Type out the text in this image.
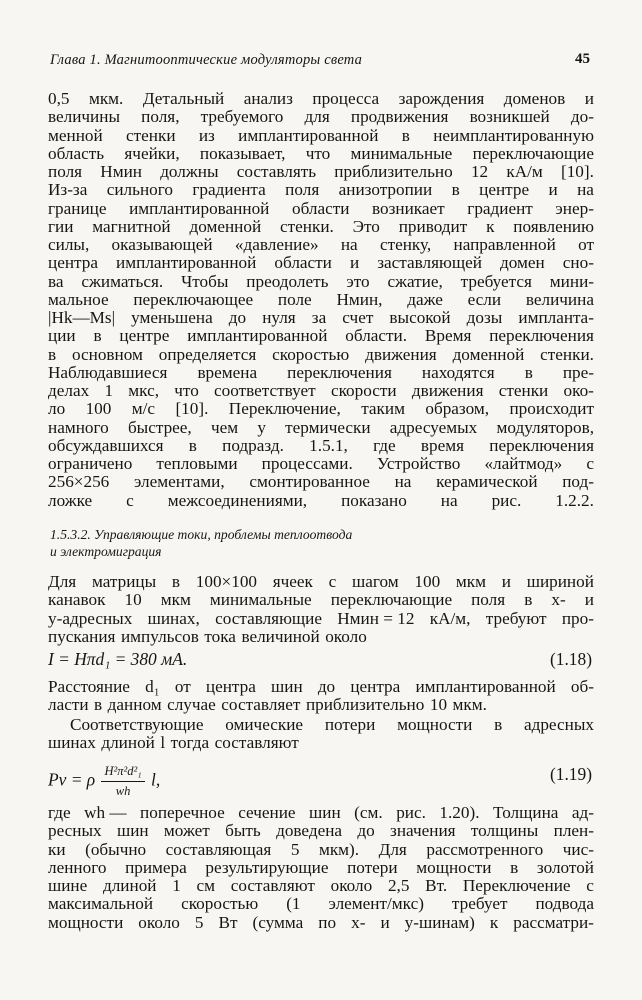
Глава 1. Магнитооптические модуляторы света	45
0,5 мкм. Детальный анализ процесса зарождения доменов и
величины поля, требуемого для продвижения возникшей до-
менной стенки из имплантированной в неимплантированную
область ячейки, показывает, что минимальные переключающие
поля Hмин должны составлять приблизительно 12 кА/м [10].
Из-за сильного градиента поля анизотропии в центре и на
границе имплантированной области возникает градиент энер-
гии магнитной доменной стенки. Это приводит к появлению
силы, оказывающей «давление» на стенку, направленной от
центра имплантированной области и заставляющей домен сно-
ва сжиматься. Чтобы преодолеть это сжатие, требуется мини-
мальное переключающее поле Hмин, даже если величина
|Hk—Ms| уменьшена до нуля за счет высокой дозы имплантa-
ции в центре имплантированной области. Время переключения
в основном определяется скоростью движения доменной стенки.
Наблюдавшиеся времена переключения находятся в пре-
делах 1 мкс, что соответствует скорости движения стенки око-
ло 100 м/с [10]. Переключение, таким образом, происходит
намного быстрее, чем у термически адресуемых модуляторов,
обсуждавшихся в подразд. 1.5.1, где время переключения
ограничено тепловыми процессами. Устройство «лайтмод» с
256×256 элементами, смонтированное на керамической под-
ложке с межсоединениями, показано на рис. 1.2.2.
1.5.3.2. Управляющие токи, проблемы теплоотвода
и электромиграция
Для матрицы в 100×100 ячеек с шагом 100 мкм и шириной
канавок 10 мкм минимальные переключающие поля в x- и
y-адресных шинах, составляющие Hмин = 12 кА/м, требуют про-
пускания импульсов тока величиной около
I = Hπd₁ = 380 мА.	(1.18)
Расстояние d₁ от центра шин до центра имплантированной об-
ласти в данном случае составляет приблизительно 10 мкм.
Соответствующие омические потери мощности в адресных
шинах длиной l тогда составляют
Pv = ρ $\frac{\text{H²π²d²₁}}{wh} l$,	(1.19)
где wh — поперечное сечение шин (см. рис. 1.20). Толщина ад-
ресных шин может быть доведена до значения толщины плен-
ки (обычно составляющая 5 мкм). Для рассмотренного чис-
ленного примера результирующие потери мощности в золотой
шине длиной 1 см составляют около 2,5 Вт. Переключение с
максимальной скоростью (1 элемент/мкс) требует подвода
мощности около 5 Вт (сумма по x- и y-шинам) к рассматри-
